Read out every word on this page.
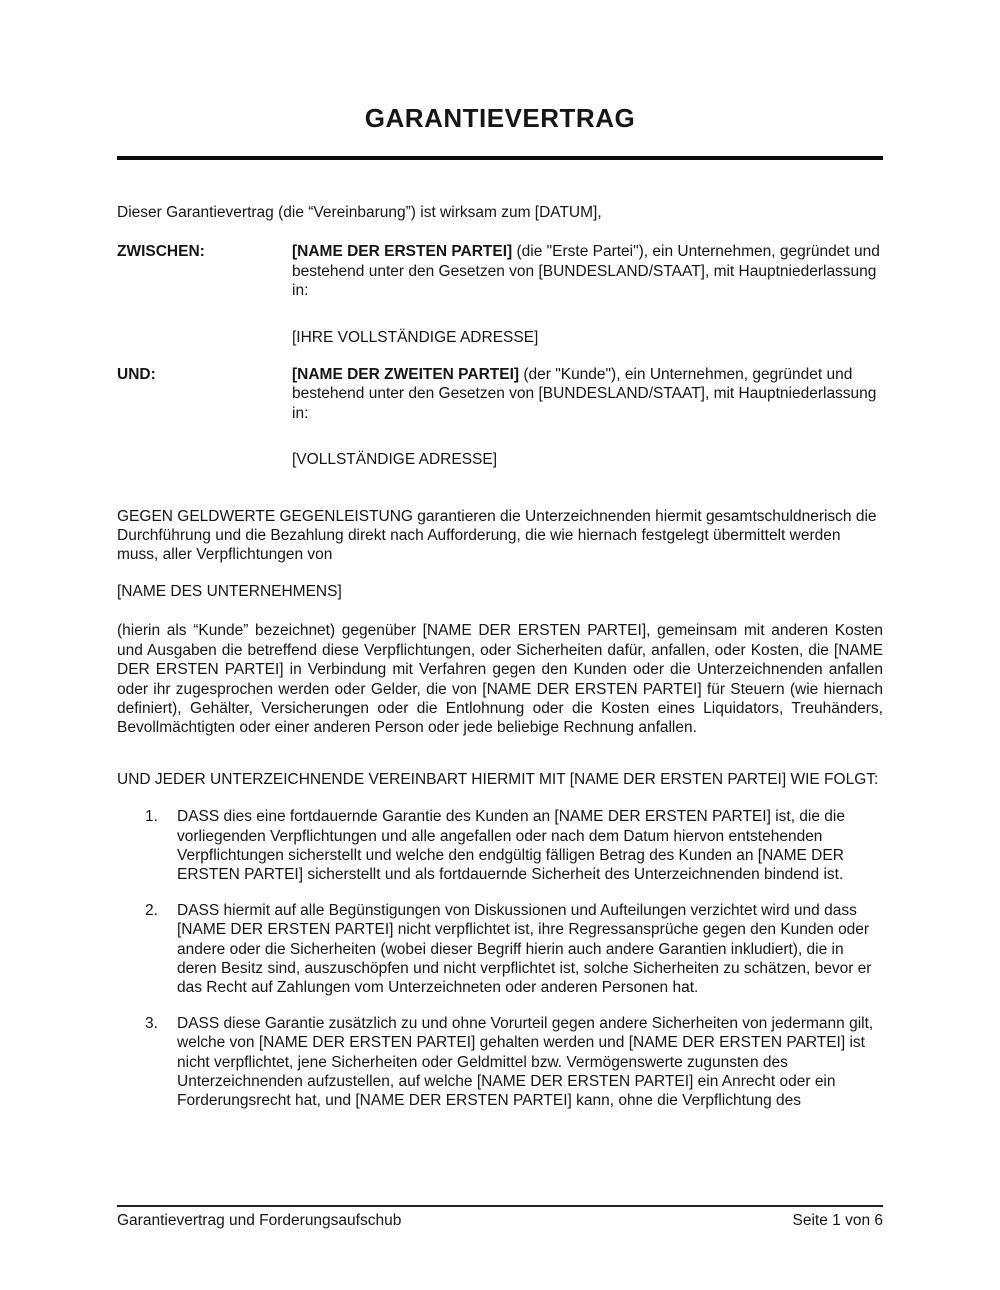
GARANTIEVERTRAG

Dieser Garantievertrag (die “Vereinbarung”) ist wirksam zum [DATUM],

ZWISCHEN:	[NAME DER ERSTEN PARTEI] (die "Erste Partei"), ein Unternehmen, gegründet und bestehend unter den Gesetzen von [BUNDESLAND/STAAT], mit Hauptniederlassung in:

[IHRE VOLLSTÄNDIGE ADRESSE]

UND:	[NAME DER ZWEITEN PARTEI] (der "Kunde"), ein Unternehmen, gegründet und bestehend unter den Gesetzen von [BUNDESLAND/STAAT], mit Hauptniederlassung in:

[VOLLSTÄNDIGE ADRESSE]

GEGEN GELDWERTE GEGENLEISTUNG garantieren die Unterzeichnenden hiermit gesamtschuldnerisch die Durchführung und die Bezahlung direkt nach Aufforderung, die wie hiernach festgelegt übermittelt werden muss, aller Verpflichtungen von

[NAME DES UNTERNEHMENS]

(hierin als “Kunde” bezeichnet) gegenüber [NAME DER ERSTEN PARTEI], gemeinsam mit anderen Kosten und Ausgaben die betreffend diese Verpflichtungen, oder Sicherheiten dafür, anfallen, oder Kosten, die [NAME DER ERSTEN PARTEI] in Verbindung mit Verfahren gegen den Kunden oder die Unterzeichnenden anfallen oder ihr zugesprochen werden oder Gelder, die von [NAME DER ERSTEN PARTEI] für Steuern (wie hiernach definiert), Gehälter, Versicherungen oder die Entlohnung oder die Kosten eines Liquidators, Treuhänders, Bevollmächtigten oder einer anderen Person oder jede beliebige Rechnung anfallen.

UND JEDER UNTERZEICHNENDE VEREINBART HIERMIT MIT [NAME DER ERSTEN PARTEI] WIE FOLGT:

1. DASS dies eine fortdauernde Garantie des Kunden an [NAME DER ERSTEN PARTEI] ist, die die vorliegenden Verpflichtungen und alle angefallen oder nach dem Datum hiervon entstehenden Verpflichtungen sicherstellt und welche den endgültig fälligen Betrag des Kunden an [NAME DER ERSTEN PARTEI] sicherstellt und als fortdauernde Sicherheit des Unterzeichnenden bindend ist.
2. DASS hiermit auf alle Begünstigungen von Diskussionen und Aufteilungen verzichtet wird und dass [NAME DER ERSTEN PARTEI] nicht verpflichtet ist, ihre Regressansprüche gegen den Kunden oder andere oder die Sicherheiten (wobei dieser Begriff hierin auch andere Garantien inkludiert), die in deren Besitz sind, auszuschöpfen und nicht verpflichtet ist, solche Sicherheiten zu schätzen, bevor er das Recht auf Zahlungen vom Unterzeichneten oder anderen Personen hat.
3. DASS diese Garantie zusätzlich zu und ohne Vorurteil gegen andere Sicherheiten von jedermann gilt, welche von [NAME DER ERSTEN PARTEI] gehalten werden und [NAME DER ERSTEN PARTEI] ist nicht verpflichtet, jene Sicherheiten oder Geldmittel bzw. Vermögenswerte zugunsten des Unterzeichnenden aufzustellen, auf welche [NAME DER ERSTEN PARTEI] ein Anrecht oder ein Forderungsrecht hat, und [NAME DER ERSTEN PARTEI] kann, ohne die Verpflichtung des
Garantievertrag und Forderungsaufschub	Seite 1 von 6
